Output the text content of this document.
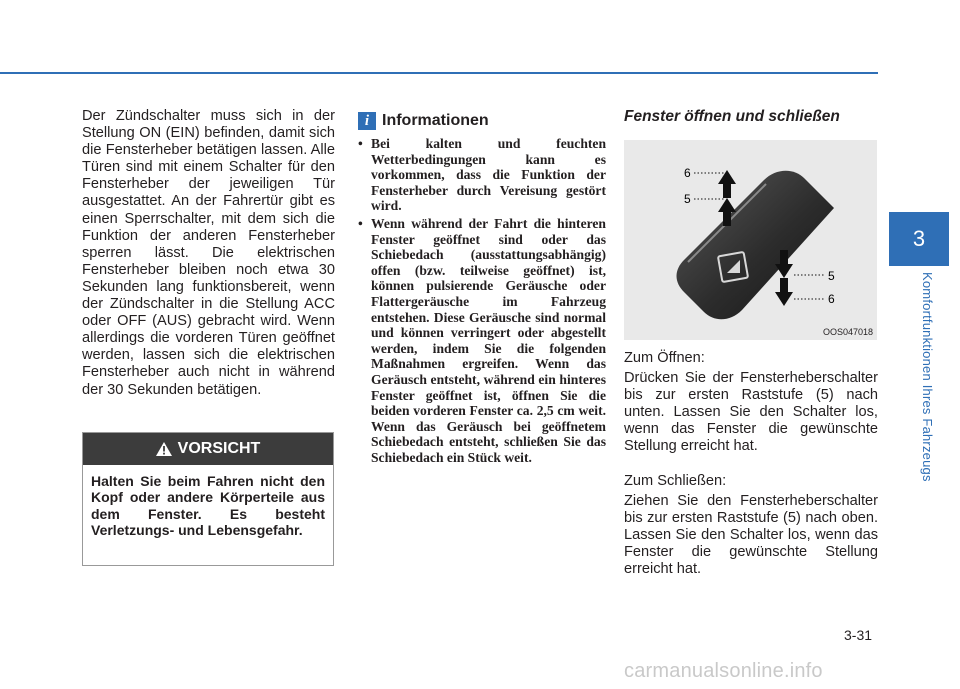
3
Komfortfunktionen Ihres Fahrzeugs
Der Zündschalter muss sich in der Stellung ON (EIN) befinden, damit sich die Fensterheber betätigen lassen. Alle Türen sind mit einem Schalter für den Fensterheber der jeweiligen Tür ausgestattet. An der Fahrertür gibt es einen Sperrschalter, mit dem sich die Funktion der anderen Fensterheber sperren lässt. Die elektrischen Fensterheber bleiben noch etwa 30 Sekunden lang funktionsbereit, wenn der Zündschalter in die Stellung ACC oder OFF (AUS) gebracht wird. Wenn allerdings die vorderen Türen geöffnet werden, lassen sich die elektrischen Fensterheber auch nicht in während der 30 Sekunden betätigen.
VORSICHT
Halten Sie beim Fahren nicht den Kopf oder andere Körperteile aus dem Fenster. Es besteht Verletzungs- und Lebensgefahr.
i Informationen
• Bei kalten und feuchten Wetterbedingungen kann es vorkommen, dass die Funktion der Fensterheber durch Vereisung gestört wird.
• Wenn während der Fahrt die hinteren Fenster geöffnet sind oder das Schiebedach (ausstattungsabhängig) offen (bzw. teilweise geöffnet) ist, können pulsierende Geräusche oder Flattergeräusche im Fahrzeug entstehen. Diese Geräusche sind normal und können verringert oder abgestellt werden, indem Sie die folgenden Maßnahmen ergreifen. Wenn das Geräusch entsteht, während ein hinteres Fenster geöffnet ist, öffnen Sie die beiden vorderen Fenster ca. 2,5 cm weit. Wenn das Geräusch bei geöffnetem Schiebedach entsteht, schließen Sie das Schiebedach ein Stück weit.
Fenster öffnen und schließen
6
5
5
6
OOS047018
Zum Öffnen:
Drücken Sie der Fensterheberschalter bis zur ersten Raststufe (5) nach unten. Lassen Sie den Schalter los, wenn das Fenster die gewünschte Stellung erreicht hat.
Zum Schließen:
Ziehen Sie den Fensterheberschalter bis zur ersten Raststufe (5) nach oben. Lassen Sie den Schalter los, wenn das Fenster die gewünschte Stellung erreicht hat.
3-31
carmanualsonline.info
